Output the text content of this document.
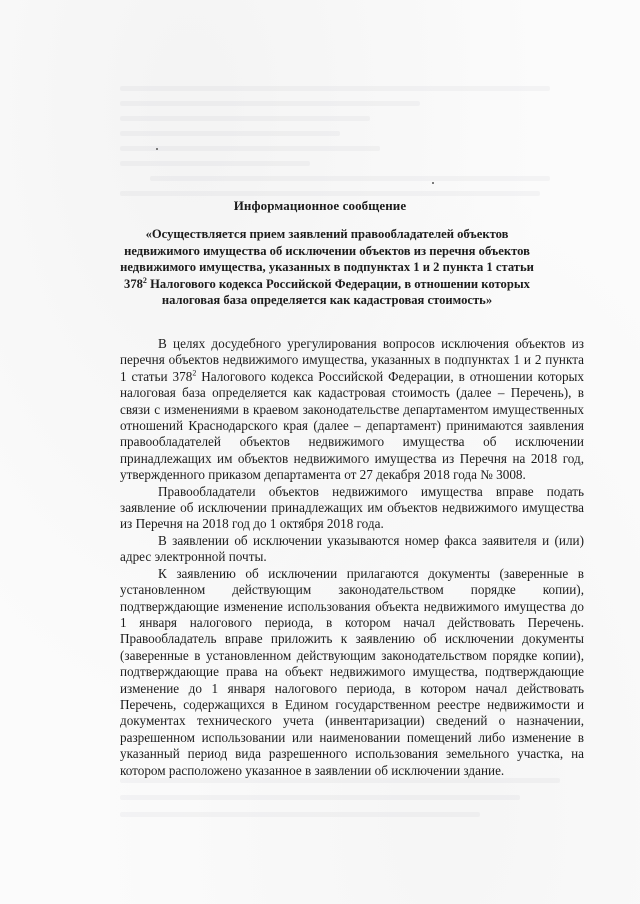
Информационное сообщение
«Осуществляется прием заявлений правообладателей объектов недвижимого имущества об исключении объектов из перечня объектов недвижимого имущества, указанных в подпунктах 1 и 2 пункта 1 статьи $378^2$ Налогового кодекса Российской Федерации, в отношении которых налоговая база определяется как кадастровая стоимость»

В целях досудебного урегулирования вопросов исключения объектов из перечня объектов недвижимого имущества, указанных в подпунктах 1 и 2 пункта 1 статьи $378^2$ Налогового кодекса Российской Федерации, в отношении которых налоговая база определяется как кадастровая стоимость (далее – Перечень), в связи с изменениями в краевом законодательстве департаментом имущественных отношений Краснодарского края (далее – департамент) принимаются заявления правообладателей объектов недвижимого имущества об исключении принадлежащих им объектов недвижимого имущества из Перечня на 2018 год, утвержденного приказом департамента от 27 декабря 2018 года № 3008.

Правообладатели объектов недвижимого имущества вправе подать заявление об исключении принадлежащих им объектов недвижимого имущества из Перечня на 2018 год до 1 октября 2018 года.

В заявлении об исключении указываются номер факса заявителя и (или) адрес электронной почты.

К заявлению об исключении прилагаются документы (заверенные в установленном действующим законодательством порядке копии), подтверждающие изменение использования объекта недвижимого имущества до 1 января налогового периода, в котором начал действовать Перечень. Правообладатель вправе приложить к заявлению об исключении документы (заверенные в установленном действующим законодательством порядке копии), подтверждающие права на объект недвижимого имущества, подтверждающие изменение до 1 января налогового периода, в котором начал действовать Перечень, содержащихся в Едином государственном реестре недвижимости и документах технического учета (инвентаризации) сведений о назначении, разрешенном использовании или наименовании помещений либо изменение в указанный период вида разрешенного использования земельного участка, на котором расположено указанное в заявлении об исключении здание.
